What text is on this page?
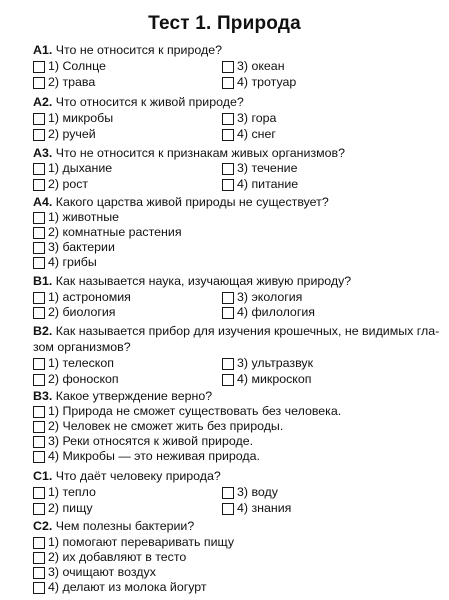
Тест 1. Природа
А1. Что не относится к природе?
1) Солнце
2) трава
3) океан
4) тротуар
А2. Что относится к живой природе?
1) микробы
2) ручей
3) гора
4) снег
А3. Что не относится к признакам живых организмов?
1) дыхание
2) рост
3) течение
4) питание
А4. Какого царства живой природы не существует?
1) животные
2) комнатные растения
3) бактерии
4) грибы
В1. Как называется наука, изучающая живую природу?
1) астрономия
2) биология
3) экология
4) филология
В2. Как называется прибор для изучения крошечных, не видимых гла-
зом организмов?
1) телескоп
2) фоноскоп
3) ультразвук
4) микроскоп
В3. Какое утверждение верно?
1) Природа не сможет существовать без человека.
2) Человек не сможет жить без природы.
3) Реки относятся к живой природе.
4) Микробы — это неживая природа.
С1. Что даёт человеку природа?
1) тепло
2) пищу
3) воду
4) знания
С2. Чем полезны бактерии?
1) помогают переваривать пищу
2) их добавляют в тесто
3) очищают воздух
4) делают из молока йогурт
